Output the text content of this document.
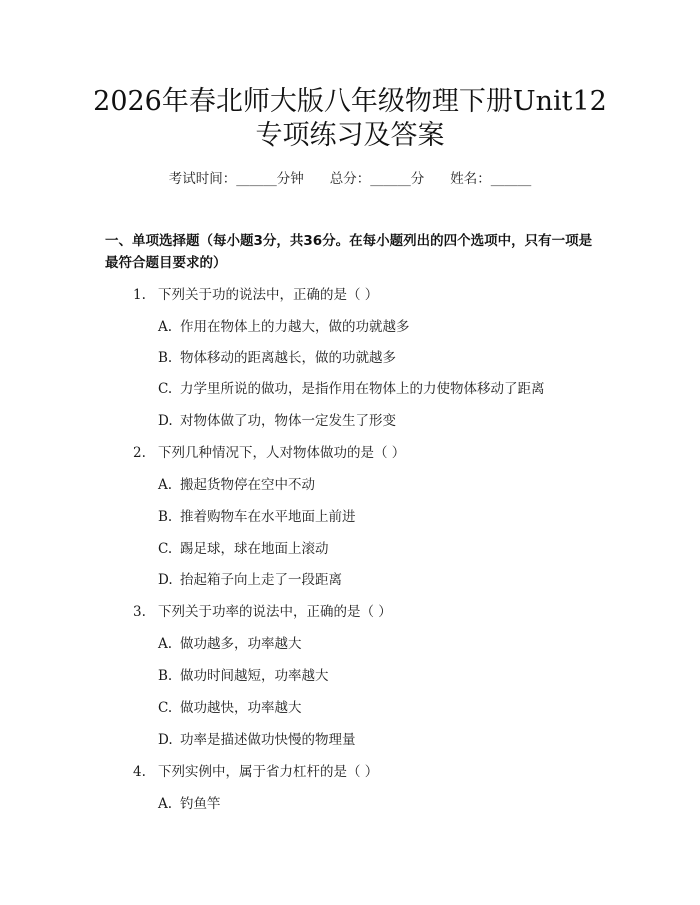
2026年春北师大版八年级物理下册Unit12
专项练习及答案
考试时间：______分钟 总分：______分 姓名：______
一、单项选择题（每小题3分，共36分。在每小题列出的四个选项中，只有一项是最符合题目要求的）
1. 下列关于功的说法中，正确的是（ ）
A. 作用在物体上的力越大，做的功就越多
B. 物体移动的距离越长，做的功就越多
C. 力学里所说的做功，是指作用在物体上的力使物体移动了距离
D. 对物体做了功，物体一定发生了形变
2. 下列几种情况下，人对物体做功的是（ ）
A. 搬起货物停在空中不动
B. 推着购物车在水平地面上前进
C. 踢足球，球在地面上滚动
D. 抬起箱子向上走了一段距离
3. 下列关于功率的说法中，正确的是（ ）
A. 做功越多，功率越大
B. 做功时间越短，功率越大
C. 做功越快，功率越大
D. 功率是描述做功快慢的物理量
4. 下列实例中，属于省力杠杆的是（ ）
A. 钓鱼竿
